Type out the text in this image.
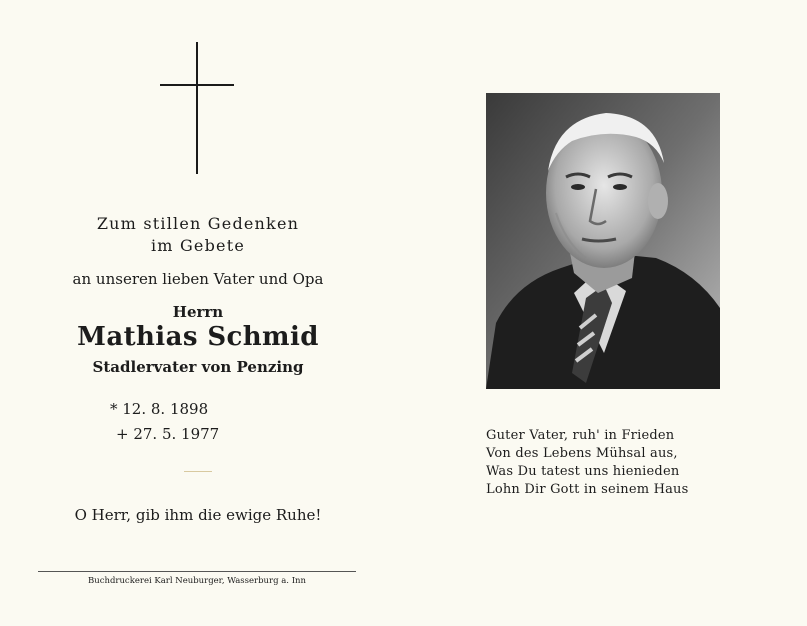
Zum stillen Gedenken
im Gebete
an unseren lieben Vater und Opa
Herrn
Mathias Schmid
Stadlervater von Penzing
* 12. 8. 1898
+ 27. 5. 1977
O Herr, gib ihm die ewige Ruhe!
Buchdruckerei Karl Neuburger, Wasserburg a. Inn
Guter Vater, ruh' in Frieden
Von des Lebens Mühsal aus,
Was Du tatest uns hienieden
Lohn Dir Gott in seinem Haus
